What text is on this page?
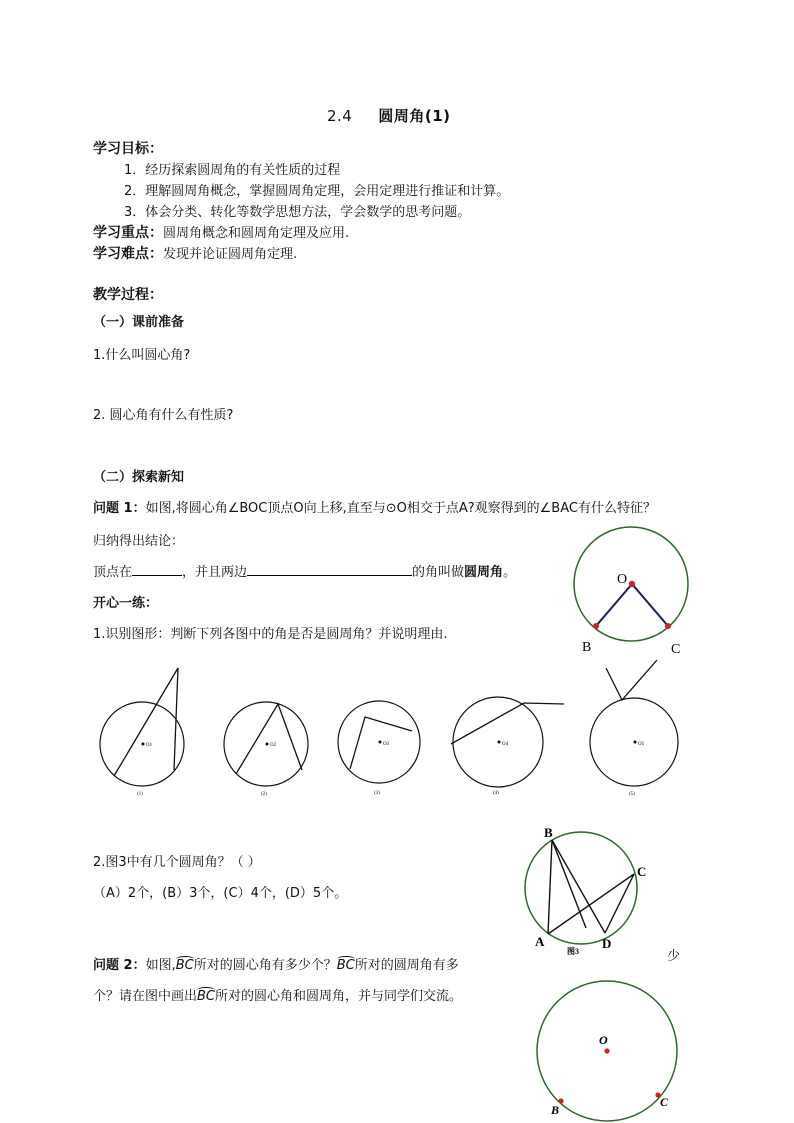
2.4 圆周角(1)
学习目标：
1．经历探索圆周角的有关性质的过程
2．理解圆周角概念，掌握圆周角定理，会用定理进行推证和计算。
3．体会分类、转化等数学思想方法，学会数学的思考问题。
学习重点：圆周角概念和圆周角定理及应用.
学习难点：发现并论证圆周角定理.
教学过程：
（一）课前准备
1.什么叫圆心角?
2. 圆心角有什么有性质?
（二）探索新知
问题 1：如图,将圆心角∠BOC顶点O向上移,直至与⊙O相交于点A?观察得到的∠BAC有什么特征？
归纳得出结论：
顶点在	，并且两边	的角叫做圆周角。
开心一练：
1.识别图形：判断下列各图中的角是否是圆周角？并说明理由.
2.图3中有几个圆周角？（ ）
（A）2个，(B）3个，(C）4个，(D）5个。
问题 2：如图,BC所对的圆心角有多少个？BC所对的圆周角有多
个？请在图中画出BC所对的圆心角和圆周角，并与同学们交流。
少
O
B	C
O1
(1)
O2
(2)
O3
(3)
O4
(4)
O5
(5)
A
B
C
D
图3
O
B
C
